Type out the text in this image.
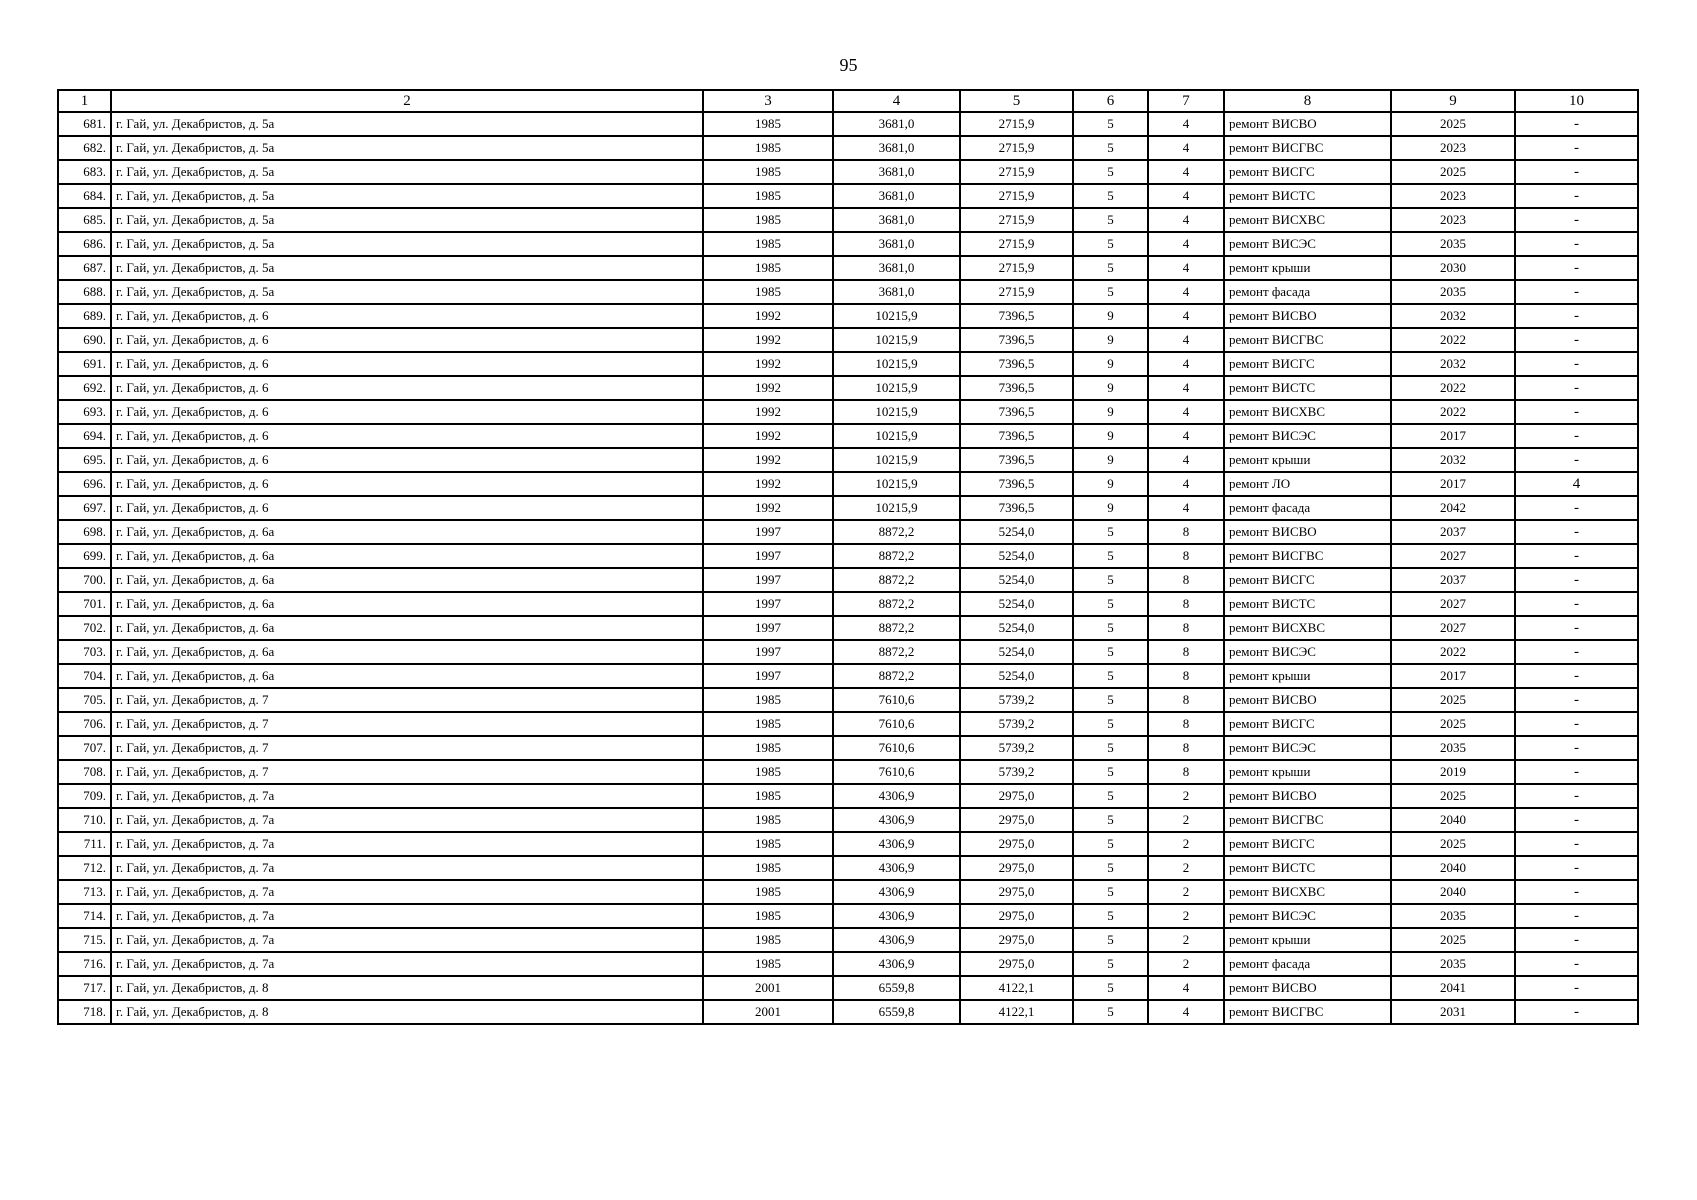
95
1	2	3	4	5	6	7	8	9	10
681.	г. Гай, ул. Декабристов, д. 5а	1985	3681,0	2715,9	5	4	ремонт ВИСВО	2025	-
682.	г. Гай, ул. Декабристов, д. 5а	1985	3681,0	2715,9	5	4	ремонт ВИСГВС	2023	-
683.	г. Гай, ул. Декабристов, д. 5а	1985	3681,0	2715,9	5	4	ремонт ВИСГС	2025	-
684.	г. Гай, ул. Декабристов, д. 5а	1985	3681,0	2715,9	5	4	ремонт ВИСТС	2023	-
685.	г. Гай, ул. Декабристов, д. 5а	1985	3681,0	2715,9	5	4	ремонт ВИСХВС	2023	-
686.	г. Гай, ул. Декабристов, д. 5а	1985	3681,0	2715,9	5	4	ремонт ВИСЭС	2035	-
687.	г. Гай, ул. Декабристов, д. 5а	1985	3681,0	2715,9	5	4	ремонт крыши	2030	-
688.	г. Гай, ул. Декабристов, д. 5а	1985	3681,0	2715,9	5	4	ремонт фасада	2035	-
689.	г. Гай, ул. Декабристов, д. 6	1992	10215,9	7396,5	9	4	ремонт ВИСВО	2032	-
690.	г. Гай, ул. Декабристов, д. 6	1992	10215,9	7396,5	9	4	ремонт ВИСГВС	2022	-
691.	г. Гай, ул. Декабристов, д. 6	1992	10215,9	7396,5	9	4	ремонт ВИСГС	2032	-
692.	г. Гай, ул. Декабристов, д. 6	1992	10215,9	7396,5	9	4	ремонт ВИСТС	2022	-
693.	г. Гай, ул. Декабристов, д. 6	1992	10215,9	7396,5	9	4	ремонт ВИСХВС	2022	-
694.	г. Гай, ул. Декабристов, д. 6	1992	10215,9	7396,5	9	4	ремонт ВИСЭС	2017	-
695.	г. Гай, ул. Декабристов, д. 6	1992	10215,9	7396,5	9	4	ремонт крыши	2032	-
696.	г. Гай, ул. Декабристов, д. 6	1992	10215,9	7396,5	9	4	ремонт ЛО	2017	4
697.	г. Гай, ул. Декабристов, д. 6	1992	10215,9	7396,5	9	4	ремонт фасада	2042	-
698.	г. Гай, ул. Декабристов, д. 6а	1997	8872,2	5254,0	5	8	ремонт ВИСВО	2037	-
699.	г. Гай, ул. Декабристов, д. 6а	1997	8872,2	5254,0	5	8	ремонт ВИСГВС	2027	-
700.	г. Гай, ул. Декабристов, д. 6а	1997	8872,2	5254,0	5	8	ремонт ВИСГС	2037	-
701.	г. Гай, ул. Декабристов, д. 6а	1997	8872,2	5254,0	5	8	ремонт ВИСТС	2027	-
702.	г. Гай, ул. Декабристов, д. 6а	1997	8872,2	5254,0	5	8	ремонт ВИСХВС	2027	-
703.	г. Гай, ул. Декабристов, д. 6а	1997	8872,2	5254,0	5	8	ремонт ВИСЭС	2022	-
704.	г. Гай, ул. Декабристов, д. 6а	1997	8872,2	5254,0	5	8	ремонт крыши	2017	-
705.	г. Гай, ул. Декабристов, д. 7	1985	7610,6	5739,2	5	8	ремонт ВИСВО	2025	-
706.	г. Гай, ул. Декабристов, д. 7	1985	7610,6	5739,2	5	8	ремонт ВИСГС	2025	-
707.	г. Гай, ул. Декабристов, д. 7	1985	7610,6	5739,2	5	8	ремонт ВИСЭС	2035	-
708.	г. Гай, ул. Декабристов, д. 7	1985	7610,6	5739,2	5	8	ремонт крыши	2019	-
709.	г. Гай, ул. Декабристов, д. 7а	1985	4306,9	2975,0	5	2	ремонт ВИСВО	2025	-
710.	г. Гай, ул. Декабристов, д. 7а	1985	4306,9	2975,0	5	2	ремонт ВИСГВС	2040	-
711.	г. Гай, ул. Декабристов, д. 7а	1985	4306,9	2975,0	5	2	ремонт ВИСГС	2025	-
712.	г. Гай, ул. Декабристов, д. 7а	1985	4306,9	2975,0	5	2	ремонт ВИСТС	2040	-
713.	г. Гай, ул. Декабристов, д. 7а	1985	4306,9	2975,0	5	2	ремонт ВИСХВС	2040	-
714.	г. Гай, ул. Декабристов, д. 7а	1985	4306,9	2975,0	5	2	ремонт ВИСЭС	2035	-
715.	г. Гай, ул. Декабристов, д. 7а	1985	4306,9	2975,0	5	2	ремонт крыши	2025	-
716.	г. Гай, ул. Декабристов, д. 7а	1985	4306,9	2975,0	5	2	ремонт фасада	2035	-
717.	г. Гай, ул. Декабристов, д. 8	2001	6559,8	4122,1	5	4	ремонт ВИСВО	2041	-
718.	г. Гай, ул. Декабристов, д. 8	2001	6559,8	4122,1	5	4	ремонт ВИСГВС	2031	-
